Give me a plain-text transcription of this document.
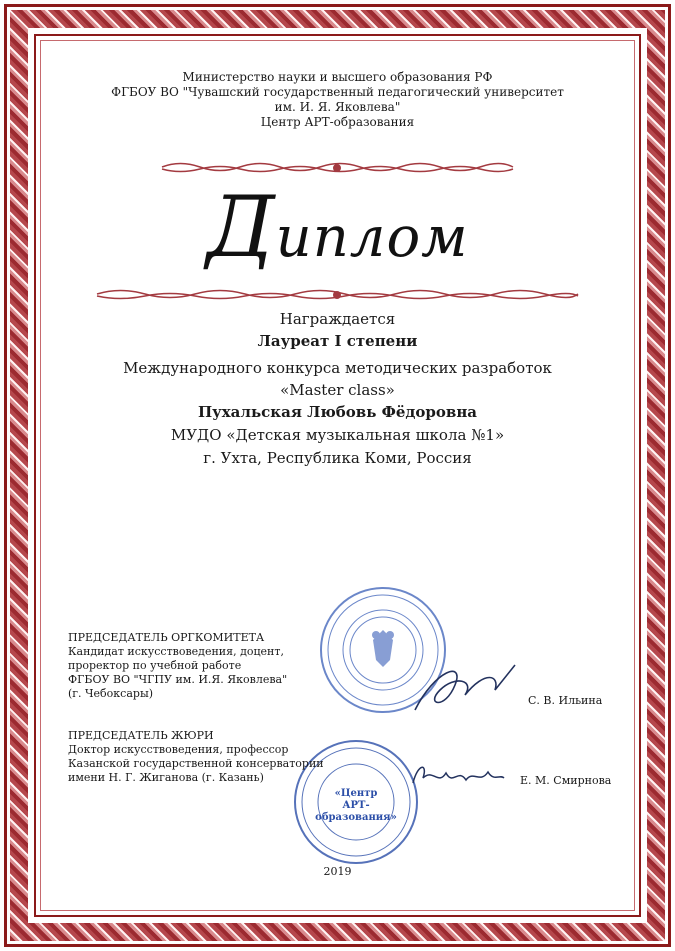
Министерство науки и высшего образования РФ
ФГБОУ ВО "Чувашский государственный педагогический университет
им. И. Я. Яковлева"
Центр АРТ-образования
Диплом
Награждается
Лауреат I степени
Международного конкурса методических разработок
«Master class»
Пухальская Любовь Фёдоровна
МУДО «Детская музыкальная школа №1»
г. Ухта, Республика Коми, Россия
ПРЕДСЕДАТЕЛЬ ОРГКОМИТЕТА
Кандидат искусствоведения, доцент,
проректор по учебной работе
ФГБОУ ВО "ЧГПУ им. И.Я. Яковлева"
(г. Чебоксары)
С. В. Ильина
«Центр
АРТ-образования»
ПРЕДСЕДАТЕЛЬ ЖЮРИ
Доктор искусствоведения, профессор
Казанской государственной консерватории
имени Н. Г. Жиганова (г. Казань)	Е. М. Смирнова
2019
